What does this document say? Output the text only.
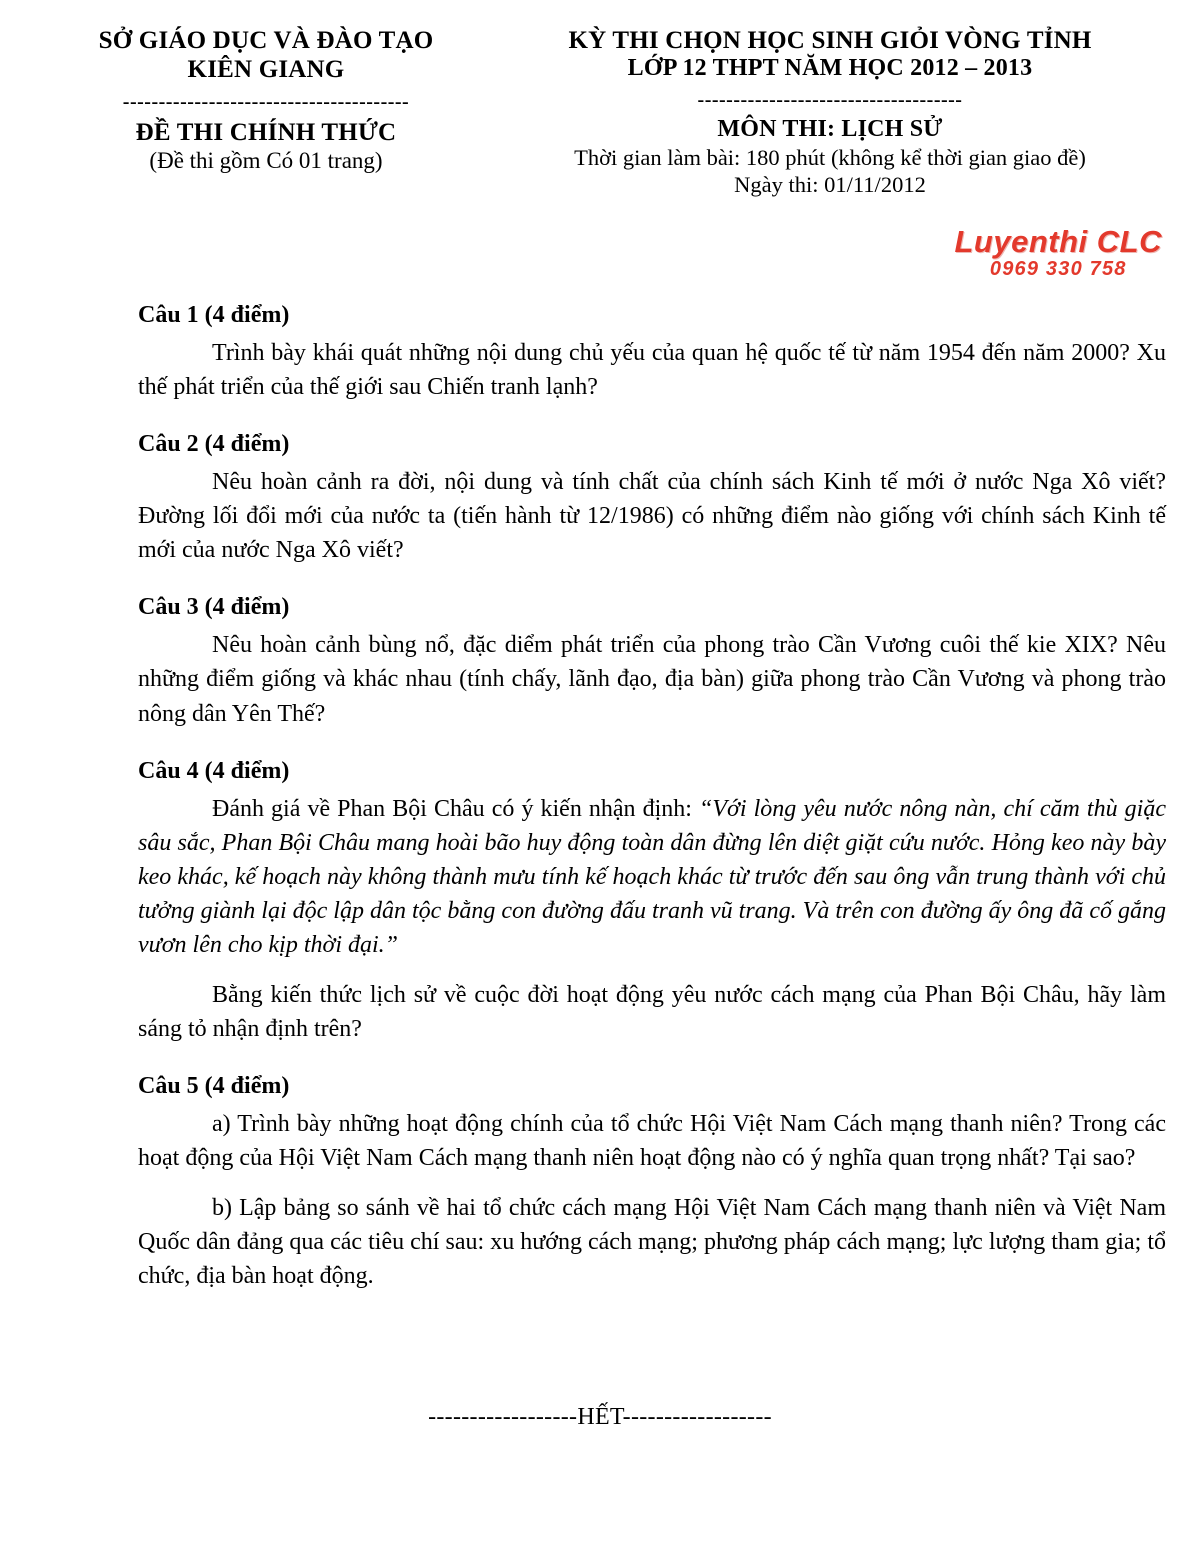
SỞ GIÁO DỤC VÀ ĐÀO TẠO
KIÊN GIANG
----------------------------------------
ĐỀ THI CHÍNH THỨC
(Đề thi gồm Có 01 trang)
KỲ THI CHỌN HỌC SINH GIỎI VÒNG TỈNH
LỚP 12 THPT NĂM HỌC 2012 – 2013
-------------------------------------
MÔN THI: LỊCH SỬ
Thời gian làm bài: 180 phút (không kể thời gian giao đề)
Ngày thi: 01/11/2012
Luyenthi CLC
0969 330 758
Câu 1 (4 điểm)

Trình bày khái quát những nội dung chủ yếu của quan hệ quốc tế từ năm 1954 đến năm 2000? Xu thế phát triển của thế giới sau Chiến tranh lạnh?

Câu 2 (4 điểm)

Nêu hoàn cảnh ra đời, nội dung và tính chất của chính sách Kinh tế mới ở nước Nga Xô viết? Đường lối đổi mới của nước ta (tiến hành từ 12/1986) có những điểm nào giống với chính sách Kinh tế mới của nước Nga Xô viết?

Câu 3 (4 điểm)

Nêu hoàn cảnh bùng nổ, đặc diểm phát triển của phong trào Cần Vương cuôi thế kie XIX? Nêu những điểm giống và khác nhau (tính chấy, lãnh đạo, địa bàn) giữa phong trào Cần Vương và phong trào nông dân Yên Thế?

Câu 4 (4 điểm)

Đánh giá về Phan Bội Châu có ý kiến nhận định: “Với lòng yêu nước nông nàn, chí căm thù giặc sâu sắc, Phan Bội Châu mang hoài bão huy động toàn dân đừng lên diệt giặt cứu nước. Hỏng keo này bày keo khác, kế hoạch này không thành mưu tính kế hoạch khác từ trước đến sau ông vẫn trung thành với chủ tưởng giành lại độc lập dân tộc bằng con đường đấu tranh vũ trang. Và trên con đường ấy ông đã cố gắng vươn lên cho kịp thời đại.”

Bằng kiến thức lịch sử về cuộc đời hoạt động yêu nước cách mạng của Phan Bội Châu, hãy làm sáng tỏ nhận định trên?

Câu 5 (4 điểm)

a) Trình bày những hoạt động chính của tổ chức Hội Việt Nam Cách mạng thanh niên? Trong các hoạt động của Hội Việt Nam Cách mạng thanh niên hoạt động nào có ý nghĩa quan trọng nhất? Tại sao?

b) Lập bảng so sánh về hai tổ chức cách mạng Hội Việt Nam Cách mạng thanh niên và Việt Nam Quốc dân đảng qua các tiêu chí sau: xu hướng cách mạng; phương pháp cách mạng; lực lượng tham gia; tổ chức, địa bàn hoạt động.

------------------HẾT------------------
